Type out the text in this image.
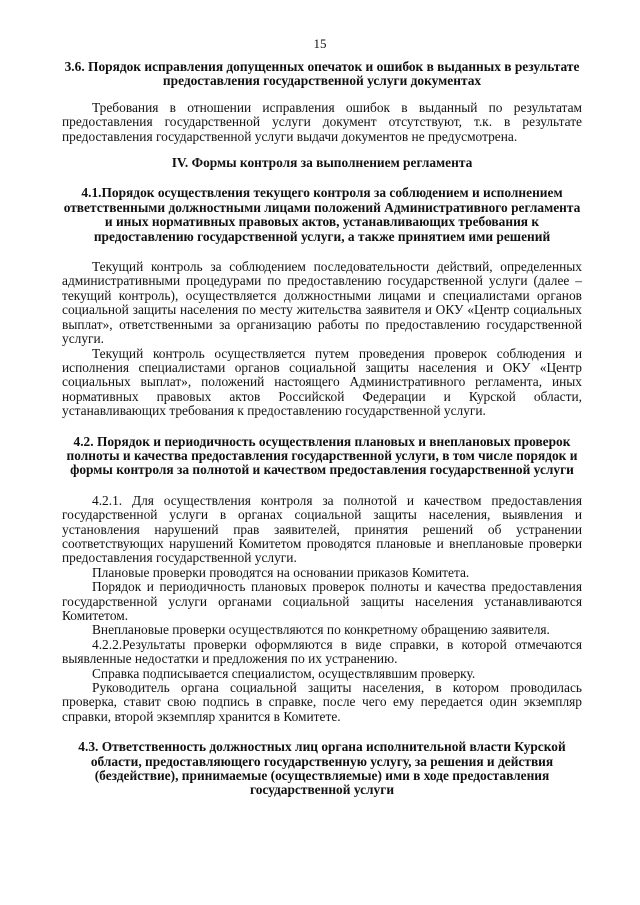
15

3.6. Порядок исправления допущенных опечаток и ошибок в выданных в результате предоставления государственной услуги документах

Требования в отношении исправления ошибок в выданный по результатам предоставления государственной услуги документ отсутствуют, т.к. в результате предоставления государственной услуги выдачи документов не предусмотрена.

IV. Формы контроля за выполнением регламента

4.1.Порядок осуществления текущего контроля за соблюдением и исполнением ответственными должностными лицами положений Административного регламента и иных нормативных правовых актов, устанавливающих требования к предоставлению государственной услуги, а также принятием ими решений

Текущий контроль за соблюдением последовательности действий, определенных административными процедурами по предоставлению государственной услуги (далее – текущий контроль), осуществляется должностными лицами и специалистами органов социальной защиты населения по месту жительства заявителя и ОКУ «Центр социальных выплат», ответственными за организацию работы по предоставлению государственной услуги.

Текущий контроль осуществляется путем проведения проверок соблюдения и исполнения специалистами органов социальной защиты населения и ОКУ «Центр социальных выплат», положений настоящего Административного регламента, иных нормативных правовых актов Российской Федерации и Курской области, устанавливающих требования к предоставлению государственной услуги.

4.2. Порядок и периодичность осуществления плановых и внеплановых проверок полноты и качества предоставления государственной услуги, в том числе порядок и формы контроля за полнотой и качеством предоставления государственной услуги

4.2.1. Для осуществления контроля за полнотой и качеством предоставления государственной услуги в органах социальной защиты населения, выявления и установления нарушений прав заявителей, принятия решений об устранении соответствующих нарушений Комитетом проводятся плановые и внеплановые проверки предоставления государственной услуги.

Плановые проверки проводятся на основании приказов Комитета.

Порядок и периодичность плановых проверок полноты и качества предоставления государственной услуги органами социальной защиты населения устанавливаются Комитетом.

Внеплановые проверки осуществляются по конкретному обращению заявителя.

4.2.2.Результаты проверки оформляются в виде справки, в которой отмечаются выявленные недостатки и предложения по их устранению.

Справка подписывается специалистом, осуществлявшим проверку.

Руководитель органа социальной защиты населения, в котором проводилась проверка, ставит свою подпись в справке, после чего ему передается один экземпляр справки, второй экземпляр хранится в Комитете.

4.3. Ответственность должностных лиц органа исполнительной власти Курской области, предоставляющего государственную услугу, за решения и действия (бездействие), принимаемые (осуществляемые) ими в ходе предоставления государственной услуги
